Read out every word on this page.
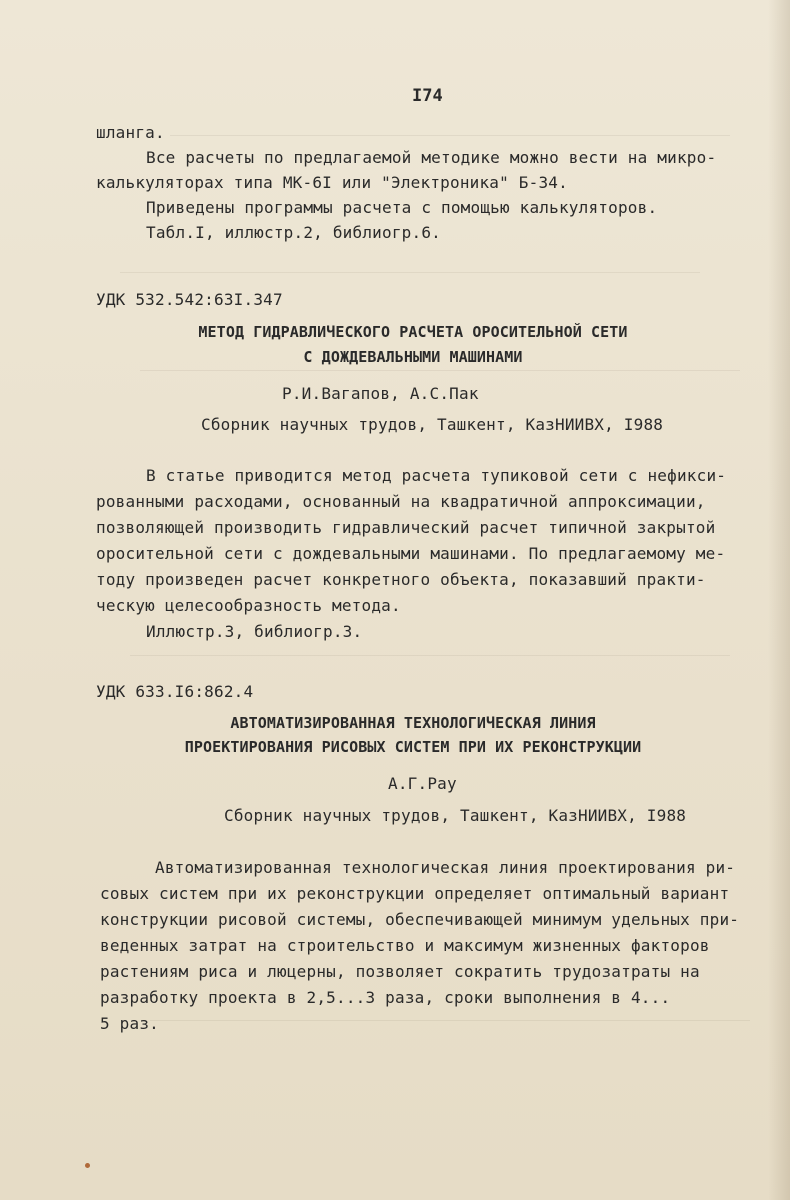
I74
шланга.
Все расчеты по предлагаемой методике можно вести на микро-
калькуляторах типа МК-6I или "Электроника" Б-34.
Приведены программы расчета с помощью калькуляторов.
Табл.I, иллюстр.2, библиогр.6.
УДК 532.542:63I.347
МЕТОД ГИДРАВЛИЧЕСКОГО РАСЧЕТА ОРОСИТЕЛЬНОЙ СЕТИ
С ДОЖДЕВАЛЬНЫМИ МАШИНАМИ
Р.И.Вагапов, А.С.Пак
Сборник научных трудов, Ташкент, КазНИИВХ, I988
В статье приводится метод расчета тупиковой сети с нефикси-
рованными расходами, основанный на квадратичной аппроксимации,
позволяющей производить гидравлический расчет типичной закрытой
оросительной сети с дождевальными машинами. По предлагаемому ме-
тоду произведен расчет конкретного объекта, показавший практи-
ческую целесообразность метода.
Иллюстр.3, библиогр.3.
УДК 633.I6:862.4
АВТОМАТИЗИРОВАННАЯ ТЕХНОЛОГИЧЕСКАЯ ЛИНИЯ
ПРОЕКТИРОВАНИЯ РИСОВЫХ СИСТЕМ ПРИ ИХ РЕКОНСТРУКЦИИ
А.Г.Рау
Сборник научных трудов, Ташкент, КазНИИВХ, I988
Автоматизированная технологическая линия проектирования ри-
совых систем при их реконструкции определяет оптимальный вариант
конструкции рисовой системы, обеспечивающей минимум удельных при-
веденных затрат на строительство и максимум жизненных факторов
растениям риса и люцерны, позволяет сократить трудозатраты на
разработку проекта в 2,5...3 раза, сроки выполнения в 4...
5 раз.
